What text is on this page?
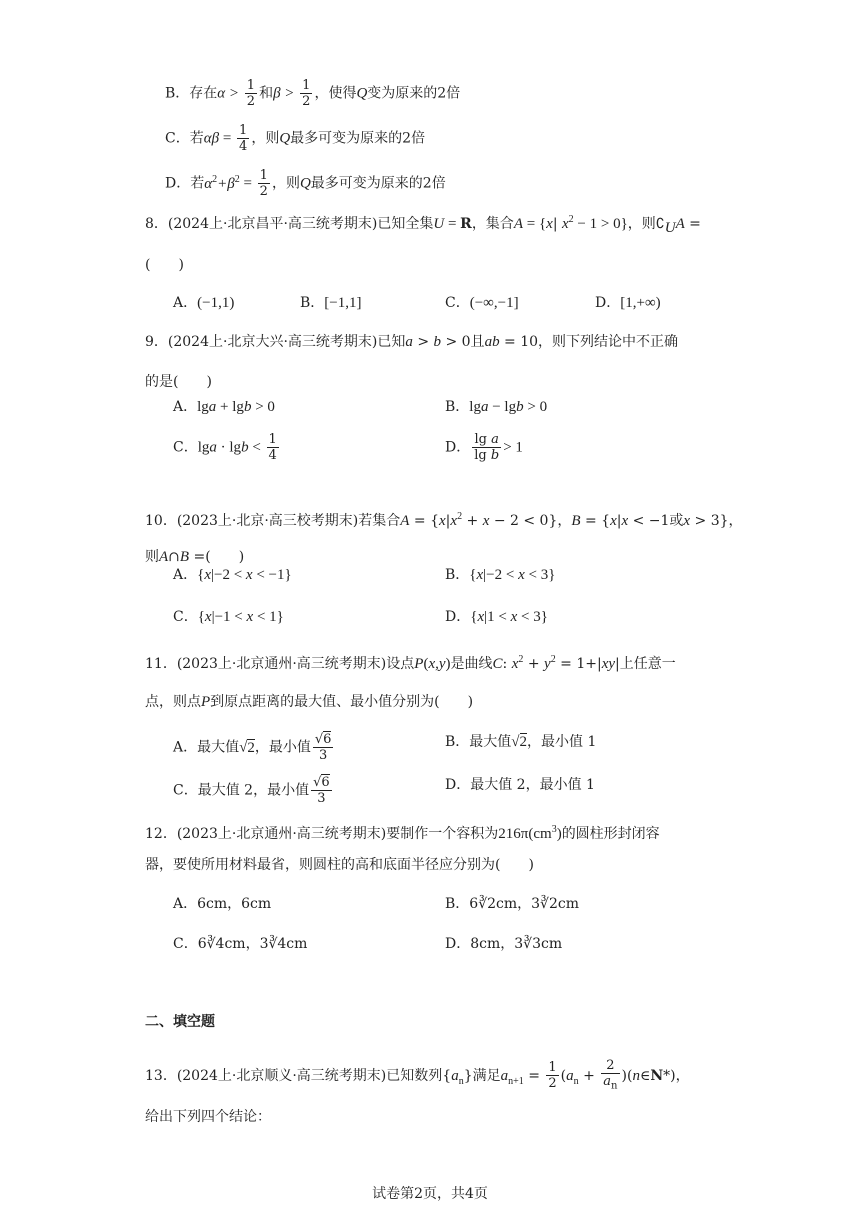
B．存在$\alpha > \frac{1}{2}$ 和$\beta > \frac{1}{2}$ ，使得Q变为原来的2倍
C．若$\alpha\beta = \frac{1}{4}$ ，则Q最多可变为原来的2倍
D．若$\alpha^2+\beta^2 = \frac{1}{2}$ ，则Q最多可变为原来的2倍
8．(2024上·北京昌平·高三统考期末)已知全集U = R，集合A = {x| $x^2 - 1 > 0$}，则$∁_UA$ =
(　　)
A．(−1,1)	B．[−1,1]	C．(−∞,−1]	D．[1,+∞)
9．(2024上·北京大兴·高三统考期末)已知a > b > 0且ab = 10，则下列结论中不正确
的是(　　)
A．lga + lgb > 0	B．lga − lgb > 0
C．$\lg a \cdot \lg b < \frac{1}{4}$	D． $\frac{\text{lg a}}{\text{lg b}} > 1$
10．(2023上·北京·高三校考期末)若集合$A = \{x|x^2 + x - 2 < 0\}$，B = {x|x < −1或x > 3}，
则A∩B =(　　)
A．{x|−2 < x < −1}	B．{x|−2 < x < 3}
C．{x|−1 < x < 1}	D．{x|1 < x < 3}
11．(2023上·北京通州·高三统考期末)设点P(x,y)是曲线C: $x^2 + y^2 = 1+|xy|$上任意一
点，则点P到原点距离的最大值、最小值分别为(　　)
A．最大值√2，最小值 $\frac{√6}{3}$	B．最大值√2，最小值 1
C．最大值 2，最小值 $\frac{√6}{3}$	D．最大值 2，最小值 1
12．(2023上·北京通州·高三统考期末)要制作一个容积为$216\pi(cm^3)$的圆柱形封闭容
器，要使所用材料最省，则圆柱的高和底面半径应分别为(　　)
A．6cm，6cm	B．6∛2cm，3∛2cm
C．6∛4cm，3∛4cm	D．8cm，3∛3cm
二、填空题
13．(2024上·北京顺义·高三统考期末)已知数列$\{a_n\}$满足$a_{n+1} = \frac{1}{2} (a_n + \frac{2}{a_n}$ )(n∈N*)，
给出下列四个结论：
试卷第2页，共4页
